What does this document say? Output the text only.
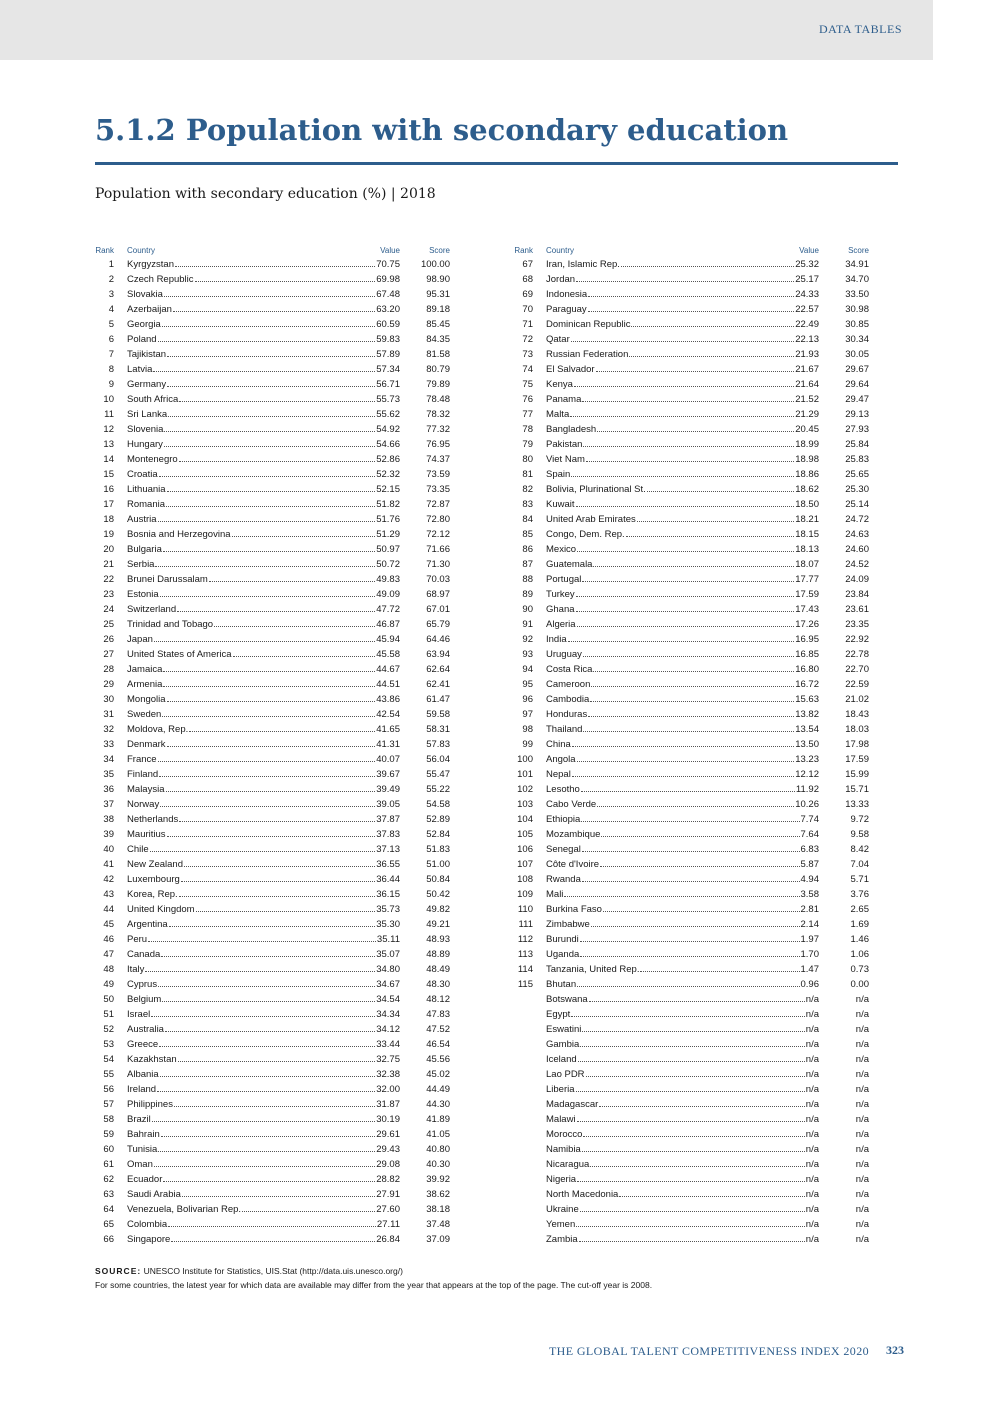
DATA TABLES
5.1.2 Population with secondary education
Population with secondary education (%) | 2018
Rank Country	Value	Score
1 Kyrgyzstan	70.75	100.00
2 Czech Republic	69.98	98.90
3 Slovakia	67.48	95.31
4 Azerbaijan	63.20	89.18
5 Georgia	60.59	85.45
6 Poland	59.83	84.35
7 Tajikistan	57.89	81.58
8 Latvia	57.34	80.79
9 Germany	56.71	79.89
10 South Africa	55.73	78.48
11 Sri Lanka	55.62	78.32
12 Slovenia	54.92	77.32
13 Hungary	54.66	76.95
14 Montenegro	52.86	74.37
15 Croatia	52.32	73.59
16 Lithuania	52.15	73.35
17 Romania	51.82	72.87
18 Austria	51.76	72.80
19 Bosnia and Herzegovina	51.29	72.12
20 Bulgaria	50.97	71.66
21 Serbia	50.72	71.30
22 Brunei Darussalam	49.83	70.03
23 Estonia	49.09	68.97
24 Switzerland	47.72	67.01
25 Trinidad and Tobago	46.87	65.79
26 Japan	45.94	64.46
27 United States of America	45.58	63.94
28 Jamaica	44.67	62.64
29 Armenia	44.51	62.41
30 Mongolia	43.86	61.47
31 Sweden	42.54	59.58
32 Moldova, Rep.	41.65	58.31
33 Denmark	41.31	57.83
34 France	40.07	56.04
35 Finland	39.67	55.47
36 Malaysia	39.49	55.22
37 Norway	39.05	54.58
38 Netherlands	37.87	52.89
39 Mauritius	37.83	52.84
40 Chile	37.13	51.83
41 New Zealand	36.55	51.00
42 Luxembourg	36.44	50.84
43 Korea, Rep.	36.15	50.42
44 United Kingdom	35.73	49.82
45 Argentina	35.30	49.21
46 Peru	35.11	48.93
47 Canada	35.07	48.89
48 Italy	34.80	48.49
49 Cyprus	34.67	48.30
50 Belgium	34.54	48.12
51 Israel	34.34	47.83
52 Australia	34.12	47.52
53 Greece	33.44	46.54
54 Kazakhstan	32.75	45.56
55 Albania	32.38	45.02
56 Ireland	32.00	44.49
57 Philippines	31.87	44.30
58 Brazil	30.19	41.89
59 Bahrain	29.61	41.05
60 Tunisia	29.43	40.80
61 Oman	29.08	40.30
62 Ecuador	28.82	39.92
63 Saudi Arabia	27.91	38.62
64 Venezuela, Bolivarian Rep.	27.60	38.18
65 Colombia	27.11	37.48
66 Singapore	26.84	37.09
Rank Country	Value	Score
67 Iran, Islamic Rep.	25.32	34.91
68 Jordan	25.17	34.70
69 Indonesia	24.33	33.50
70 Paraguay	22.57	30.98
71 Dominican Republic	22.49	30.85
72 Qatar	22.13	30.34
73 Russian Federation	21.93	30.05
74 El Salvador	21.67	29.67
75 Kenya	21.64	29.64
76 Panama	21.52	29.47
77 Malta	21.29	29.13
78 Bangladesh	20.45	27.93
79 Pakistan	18.99	25.84
80 Viet Nam	18.98	25.83
81 Spain	18.86	25.65
82 Bolivia, Plurinational St.	18.62	25.30
83 Kuwait	18.50	25.14
84 United Arab Emirates	18.21	24.72
85 Congo, Dem. Rep.	18.15	24.63
86 Mexico	18.13	24.60
87 Guatemala	18.07	24.52
88 Portugal	17.77	24.09
89 Turkey	17.59	23.84
90 Ghana	17.43	23.61
91 Algeria	17.26	23.35
92 India	16.95	22.92
93 Uruguay	16.85	22.78
94 Costa Rica	16.80	22.70
95 Cameroon	16.72	22.59
96 Cambodia	15.63	21.02
97 Honduras	13.82	18.43
98 Thailand	13.54	18.03
99 China	13.50	17.98
100 Angola	13.23	17.59
101 Nepal	12.12	15.99
102 Lesotho	11.92	15.71
103 Cabo Verde	10.26	13.33
104 Ethiopia	7.74	9.72
105 Mozambique	7.64	9.58
106 Senegal	6.83	8.42
107 Côte d'Ivoire	5.87	7.04
108 Rwanda	4.94	5.71
109 Mali	3.58	3.76
110 Burkina Faso	2.81	2.65
111 Zimbabwe	2.14	1.69
112 Burundi	1.97	1.46
113 Uganda	1.70	1.06
114 Tanzania, United Rep.	1.47	0.73
115 Bhutan	0.96	0.00
Botswana	n/a	n/a
Egypt	n/a	n/a
Eswatini	n/a	n/a
Gambia	n/a	n/a
Iceland	n/a	n/a
Lao PDR	n/a	n/a
Liberia	n/a	n/a
Madagascar	n/a	n/a
Malawi	n/a	n/a
Morocco	n/a	n/a
Namibia	n/a	n/a
Nicaragua	n/a	n/a
Nigeria	n/a	n/a
North Macedonia	n/a	n/a
Ukraine	n/a	n/a
Yemen	n/a	n/a
Zambia	n/a	n/a
SOURCE: UNESCO Institute for Statistics, UIS.Stat (http://data.uis.unesco.org/)
For some countries, the latest year for which data are available may differ from the year that appears at the top of the page. The cut-off year is 2008.
THE GLOBAL TALENT COMPETITIVENESS INDEX 2020 323
